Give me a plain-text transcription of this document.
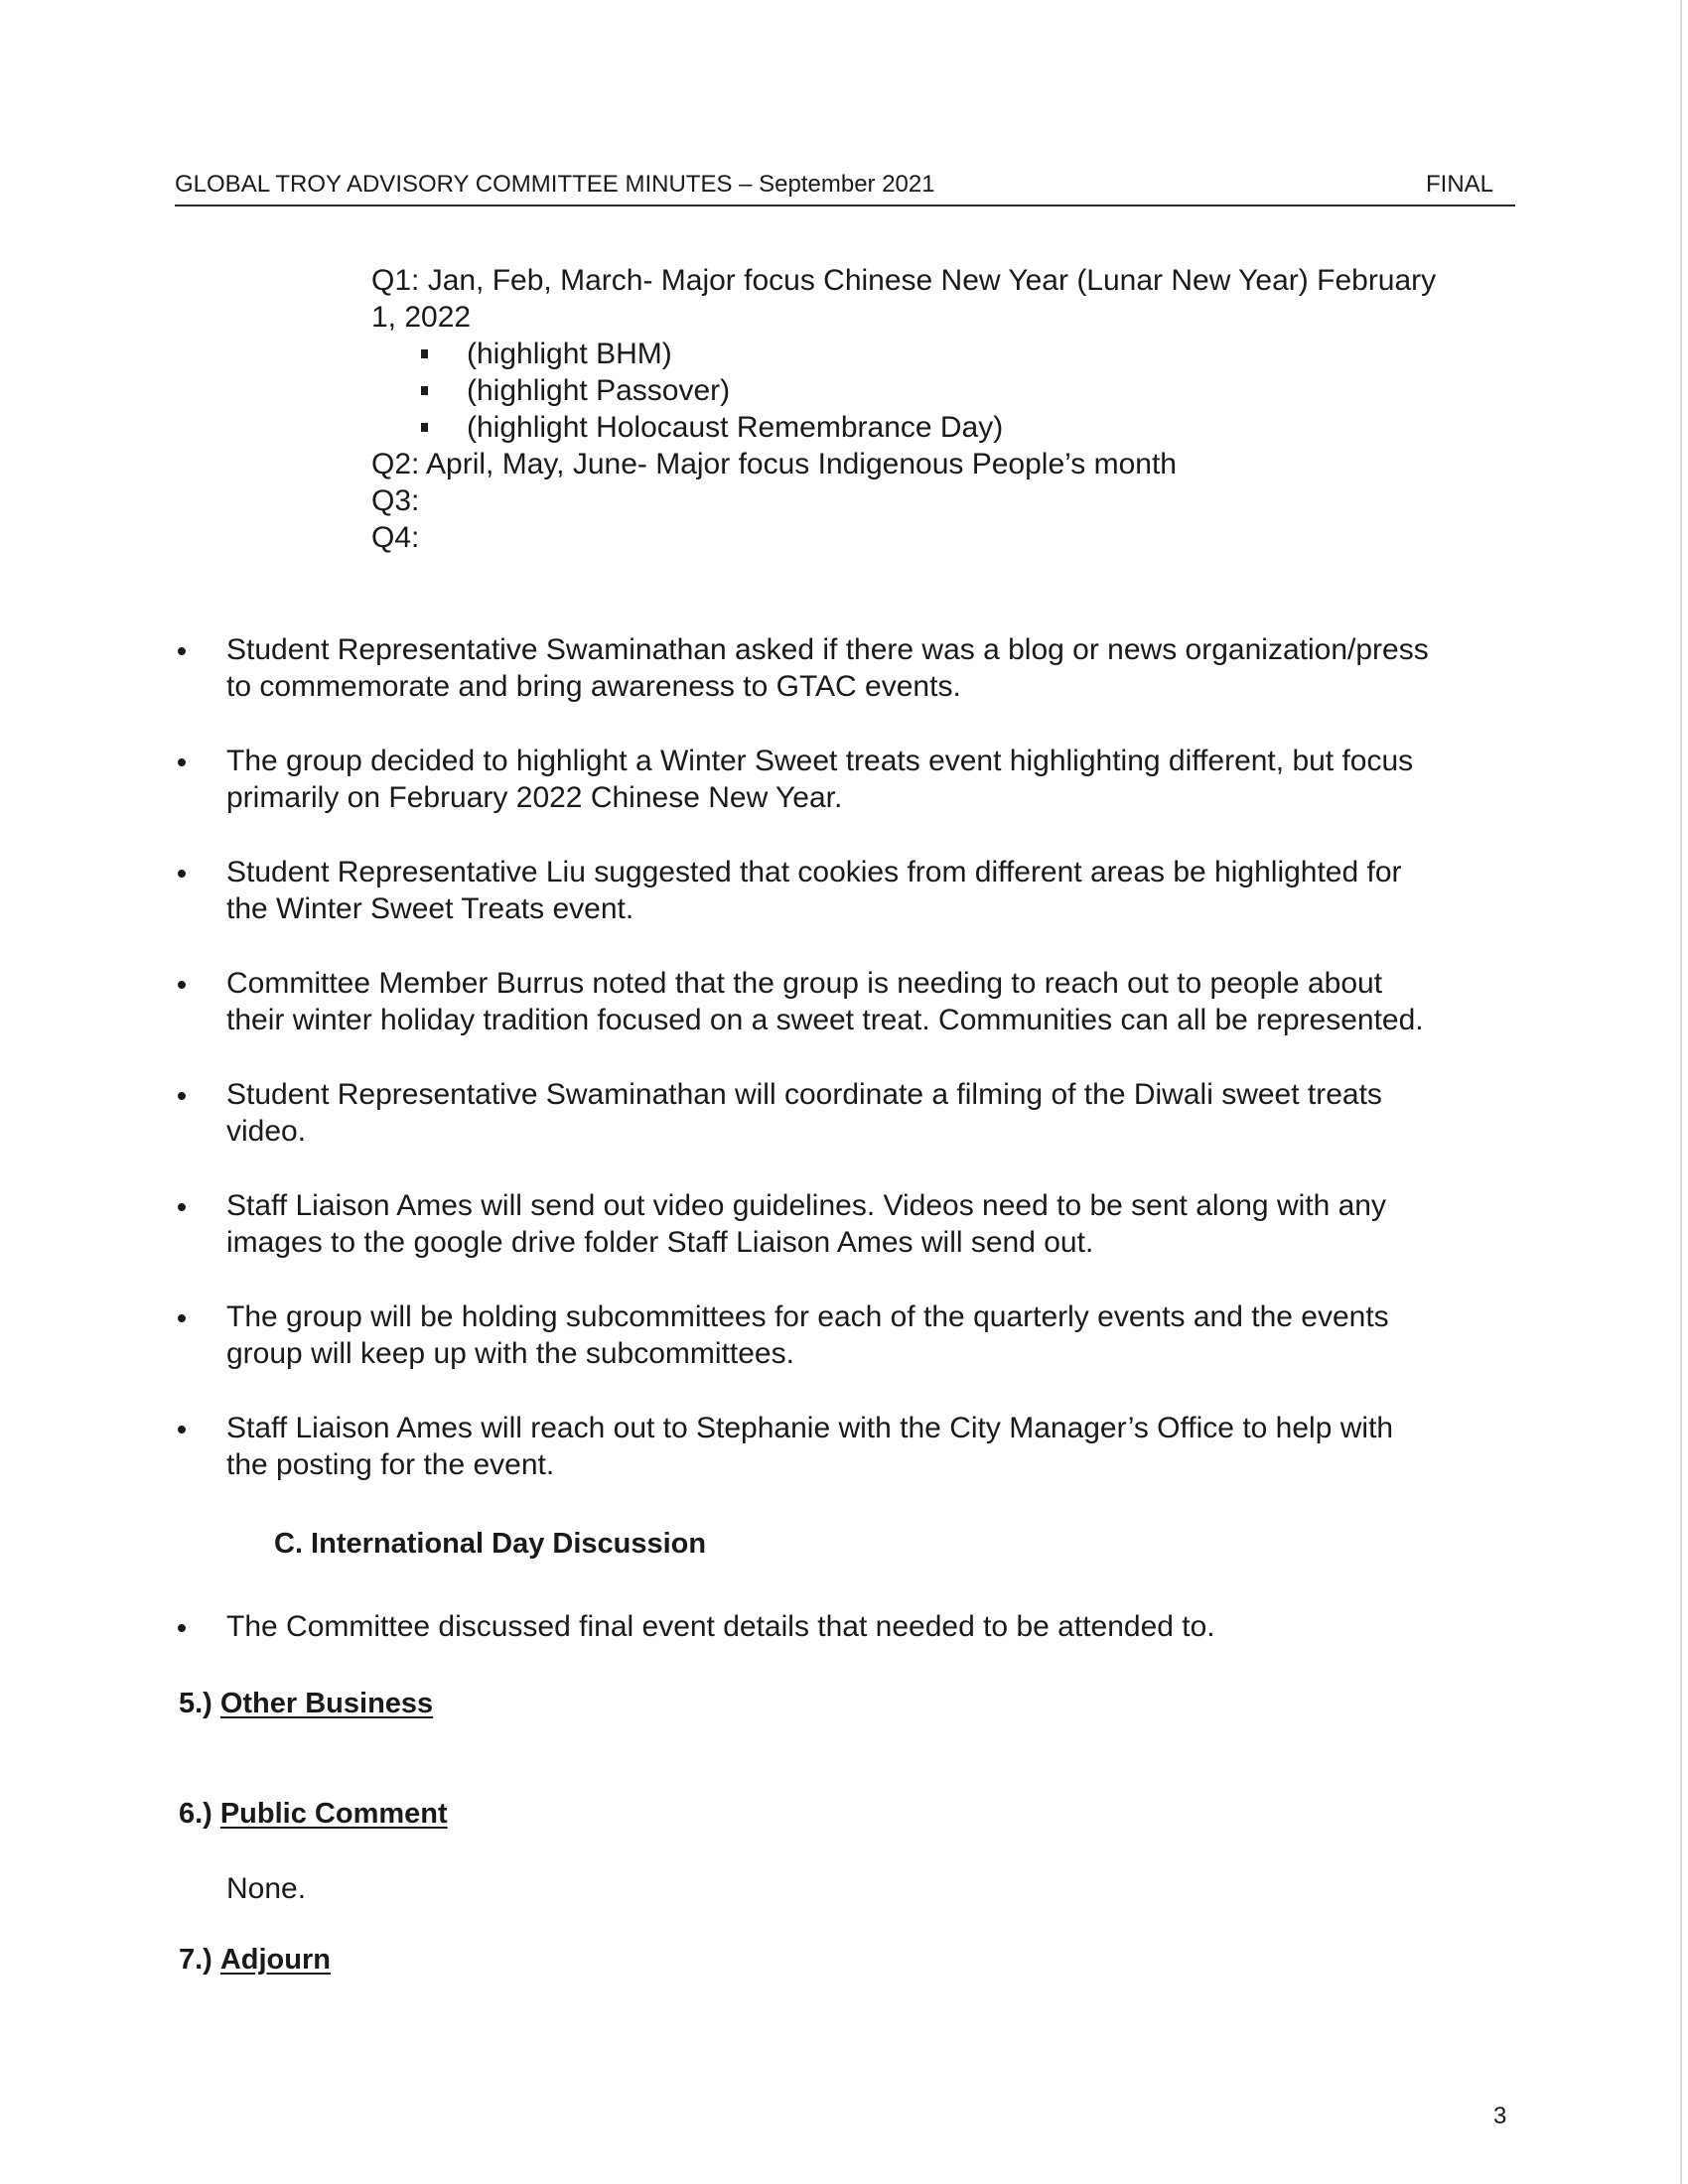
GLOBAL TROY ADVISORY COMMITTEE MINUTES – September 2021	FINAL
Q1: Jan, Feb, March- Major focus Chinese New Year (Lunar New Year) February
1, 2022
(highlight BHM)
(highlight Passover)
(highlight Holocaust Remembrance Day)
Q2: April, May, June- Major focus Indigenous People’s month
Q3:
Q4:
Student Representative Swaminathan asked if there was a blog or news organization/press
to commemorate and bring awareness to GTAC events.
The group decided to highlight a Winter Sweet treats event highlighting different, but focus
primarily on February 2022 Chinese New Year.
Student Representative Liu suggested that cookies from different areas be highlighted for
the Winter Sweet Treats event.
Committee Member Burrus noted that the group is needing to reach out to people about
their winter holiday tradition focused on a sweet treat. Communities can all be represented.
Student Representative Swaminathan will coordinate a filming of the Diwali sweet treats
video.
Staff Liaison Ames will send out video guidelines. Videos need to be sent along with any
images to the google drive folder Staff Liaison Ames will send out.
The group will be holding subcommittees for each of the quarterly events and the events
group will keep up with the subcommittees.
Staff Liaison Ames will reach out to Stephanie with the City Manager’s Office to help with
the posting for the event.
C. International Day Discussion
The Committee discussed final event details that needed to be attended to.
5.) Other Business
6.) Public Comment
None.
7.) Adjourn
3
